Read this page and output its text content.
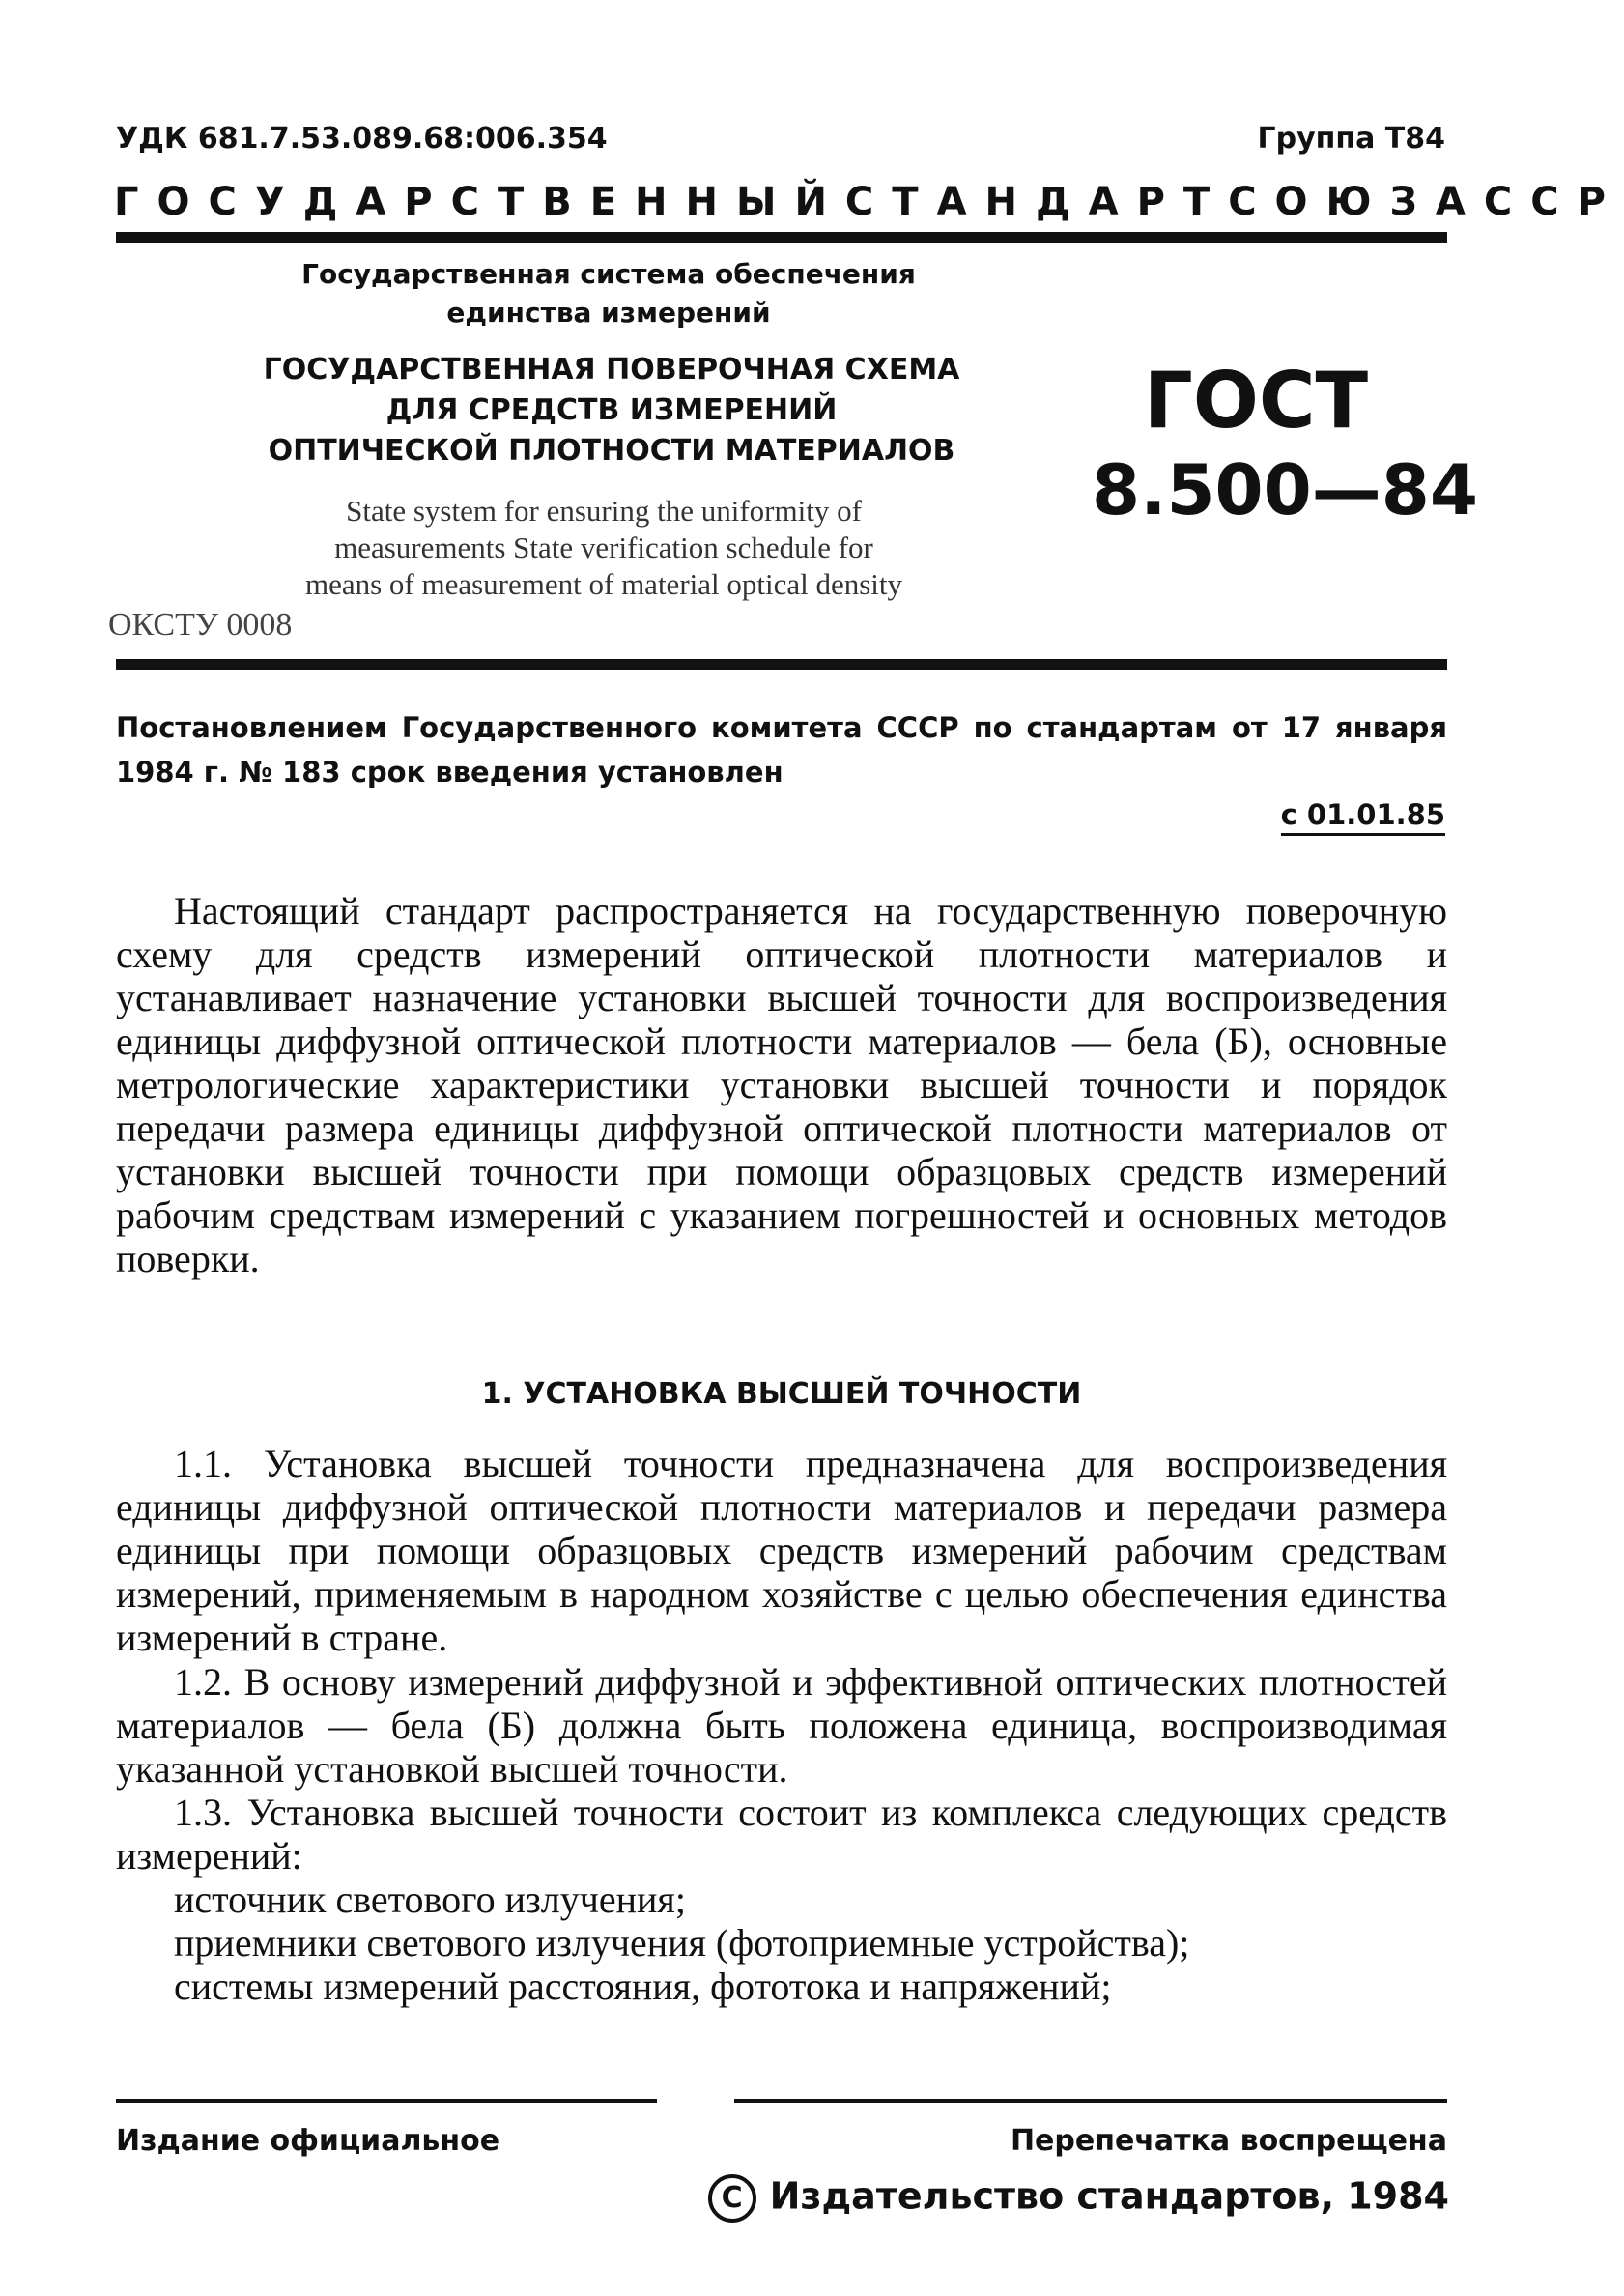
УДК 681.7.53.089.68:006.354	Группа Т84
ГОСУДАРСТВЕННЫЙ СТАНДАРТ СОЮЗА ССР
Государственная система обеспечения
единства измерений
ГОСУДАРСТВЕННАЯ ПОВЕРОЧНАЯ СХЕМА
ДЛЯ СРЕДСТВ ИЗМЕРЕНИЙ
ОПТИЧЕСКОЙ ПЛОТНОСТИ МАТЕРИАЛОВ
State system for ensuring the uniformity of
measurements State verification schedule for
means of measurement of material optical density
ОКСТУ 0008
ГОСТ
8.500—84
Постановлением Государственного комитета СССР по стандартам от 17 января 1984 г. № 183 срок введения установлен
с 01.01.85

Настоящий стандарт распространяется на государственную поверочную схему для средств измерений оптической плотности материалов и устанавливает назначение установки высшей точности для воспроизведения единицы диффузной оптической плотности материалов — бела (Б), основные метрологические характеристики установки высшей точности и порядок передачи размера единицы диффузной оптической плотности материалов от установки высшей точности при помощи образцовых средств измерений рабочим средствам измерений с указанием погрешностей и основных методов поверки.

1. УСТАНОВКА ВЫСШЕЙ ТОЧНОСТИ

1.1. Установка высшей точности предназначена для воспроизведения единицы диффузной оптической плотности материалов и передачи размера единицы при помощи образцовых средств измерений рабочим средствам измерений, применяемым в народном хозяйстве с целью обеспечения единства измерений в стране.

1.2. В основу измерений диффузной и эффективной оптических плотностей материалов — бела (Б) должна быть положена единица, воспроизводимая указанной установкой высшей точности.

1.3. Установка высшей точности состоит из комплекса следующих средств измерений:

источник светового излучения;

приемники светового излучения (фотоприемные устройства);

системы измерений расстояния, фототока и напряжений;

Издание официальное	Перепечатка воспрещена
C Издательство стандартов, 1984
